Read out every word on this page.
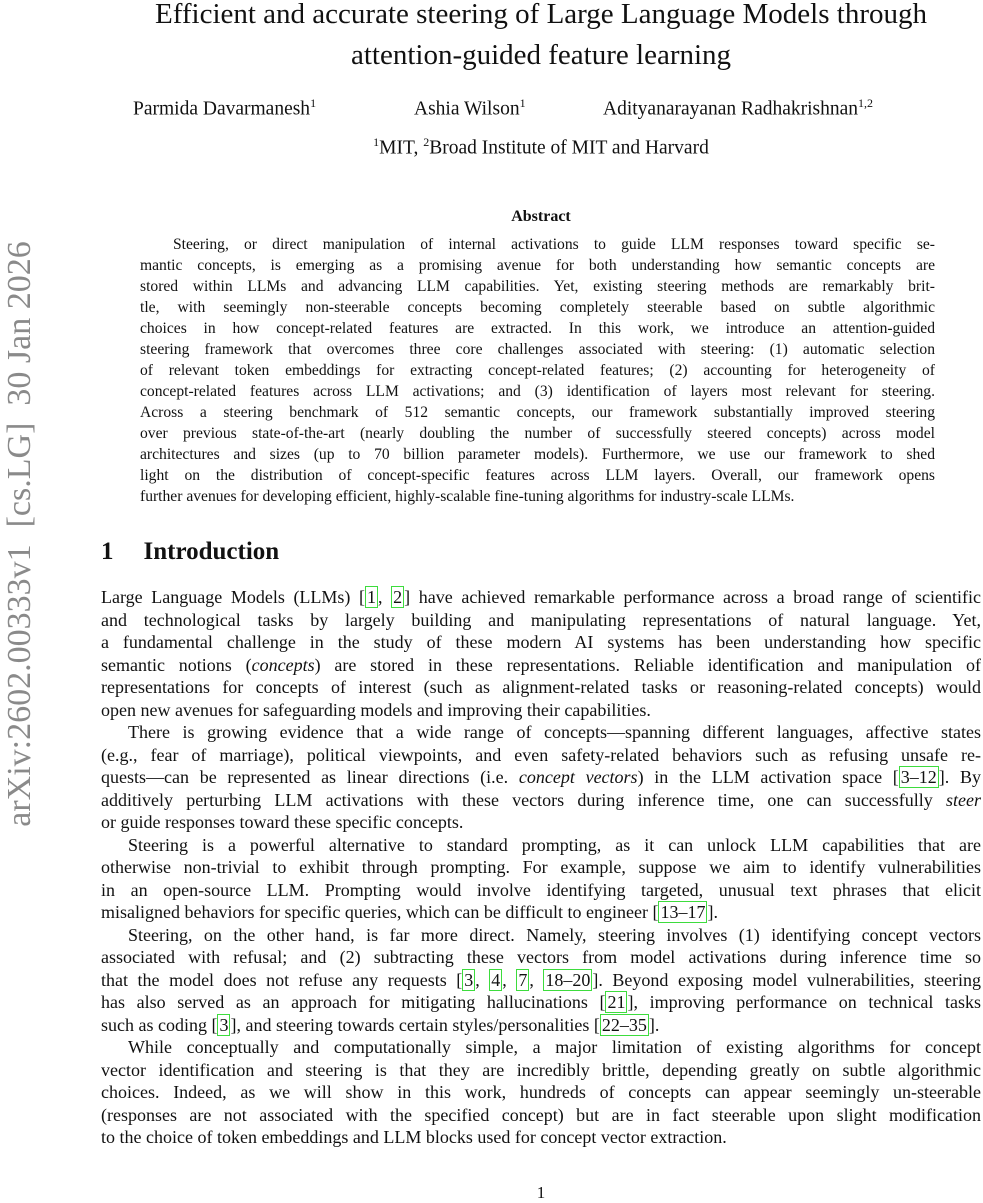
arXiv:2602.00333v1  [cs.LG]  30 Jan 2026
Efficient and accurate steering of Large Language Models through
attention-guided feature learning
Parmida Davarmanesh$^1$	Ashia Wilson$^1$	Adityanarayanan Radhakrishnan$^{1,2}$
$^1$MIT, $^2$Broad Institute of MIT and Harvard
Abstract
Steering, or direct manipulation of internal activations to guide LLM responses toward specific se-
mantic concepts, is emerging as a promising avenue for both understanding how semantic concepts are
stored within LLMs and advancing LLM capabilities. Yet, existing steering methods are remarkably brit-
tle, with seemingly non-steerable concepts becoming completely steerable based on subtle algorithmic
choices in how concept-related features are extracted. In this work, we introduce an attention-guided
steering framework that overcomes three core challenges associated with steering: (1) automatic selection
of relevant token embeddings for extracting concept-related features; (2) accounting for heterogeneity of
concept-related features across LLM activations; and (3) identification of layers most relevant for steering.
Across a steering benchmark of 512 semantic concepts, our framework substantially improved steering
over previous state-of-the-art (nearly doubling the number of successfully steered concepts) across model
architectures and sizes (up to 70 billion parameter models). Furthermore, we use our framework to shed
light on the distribution of concept-specific features across LLM layers. Overall, our framework opens
further avenues for developing efficient, highly-scalable fine-tuning algorithms for industry-scale LLMs.
1 Introduction
Large Language Models (LLMs) [ 1 , 2 ] have achieved remarkable performance across a broad range of scientific
and technological tasks by largely building and manipulating representations of natural language. Yet,
a fundamental challenge in the study of these modern AI systems has been understanding how specific
semantic notions (concepts) are stored in these representations. Reliable identification and manipulation of
representations for concepts of interest (such as alignment-related tasks or reasoning-related concepts) would
open new avenues for safeguarding models and improving their capabilities.
There is growing evidence that a wide range of concepts—spanning different languages, affective states
(e.g., fear of marriage), political viewpoints, and even safety-related behaviors such as refusing unsafe re-
quests—can be represented as linear directions (i.e. concept vectors) in the LLM activation space [ 3–12 ]. By
additively perturbing LLM activations with these vectors during inference time, one can successfully steer
or guide responses toward these specific concepts.
Steering is a powerful alternative to standard prompting, as it can unlock LLM capabilities that are
otherwise non-trivial to exhibit through prompting. For example, suppose we aim to identify vulnerabilities
in an open-source LLM. Prompting would involve identifying targeted, unusual text phrases that elicit
misaligned behaviors for specific queries, which can be difficult to engineer [ 13–17 ].
Steering, on the other hand, is far more direct. Namely, steering involves (1) identifying concept vectors
associated with refusal; and (2) subtracting these vectors from model activations during inference time so
that the model does not refuse any requests [ 3 , 4 , 7 , 18–20 ]. Beyond exposing model vulnerabilities, steering
has also served as an approach for mitigating hallucinations [ 21 ], improving performance on technical tasks
such as coding [ 3 ], and steering towards certain styles/personalities [ 22–35 ].
While conceptually and computationally simple, a major limitation of existing algorithms for concept
vector identification and steering is that they are incredibly brittle, depending greatly on subtle algorithmic
choices. Indeed, as we will show in this work, hundreds of concepts can appear seemingly un-steerable
(responses are not associated with the specified concept) but are in fact steerable upon slight modification
to the choice of token embeddings and LLM blocks used for concept vector extraction.
1
